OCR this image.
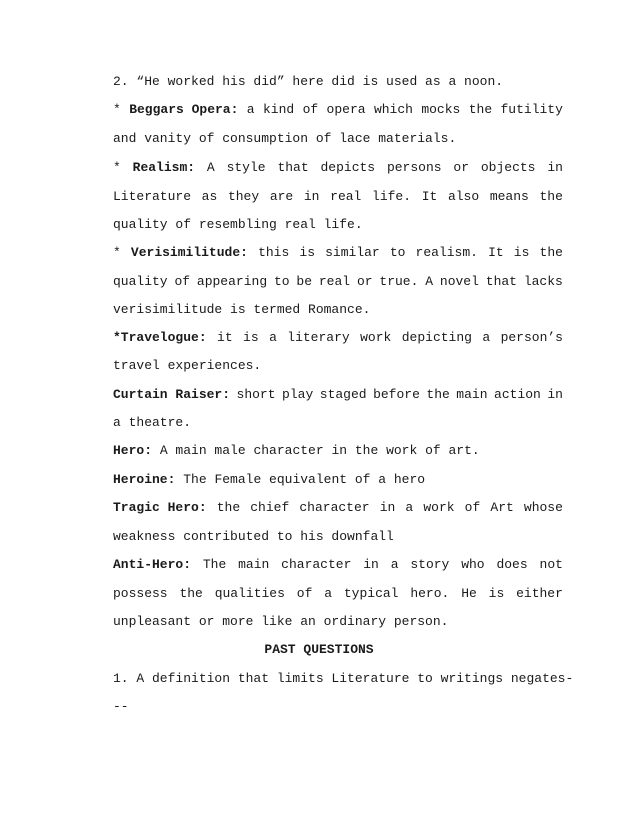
2. “He worked his did” here did is used as a noon.
* Beggars Opera: a kind of opera which mocks the futility
and vanity of consumption of lace materials.
* Realism: A style that depicts persons or objects in
Literature as they are in real life. It also means the
quality of resembling real life.
* Verisimilitude: this is similar to realism. It is the
quality of appearing to be real or true. A novel that lacks
verisimilitude is termed Romance.
*Travelogue: it is a literary work depicting a person’s
travel experiences.
Curtain Raiser: short play staged before the main action in
a theatre.
Hero: A main male character in the work of art.
Heroine: The Female equivalent of a hero
Tragic Hero: the chief character in a work of Art whose
weakness contributed to his downfall
Anti-Hero: The main character in a story who does not
possess the qualities of a typical hero. He is either
unpleasant or more like an ordinary person.
PAST QUESTIONS
1. A definition that limits Literature to writings negates-
--
